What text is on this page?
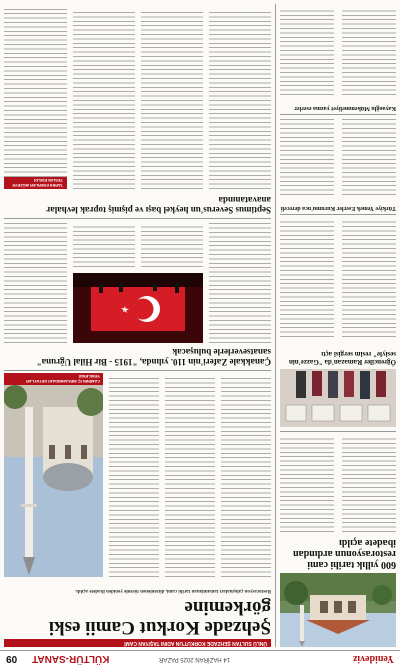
Yenideviz
14 HAZİRAN 2025 PAZAR
KÜLTÜR-SANAT
09
600 yıllık tarihi cami restorasyonun ardından ibadete açıldı
Öğrenciler Ramazan'da "Gazze'nin sesiyle" resim sergisi açtı
Türkiye Yemek Eserler Kurumu'nca dereceli
Kayaoğlu Mükemmeliyet yazma eserler
ÜNLÜ SULTAN ŞEHZADE KORKUT'UN ADINI TAŞIYAN CAMİ
Şehzade Korkut Camii eski görkemine

Restorasyon çalışmaları tamamlanan tarihi cami, düzenlenen törenle yeniden ibadete açıldı.

CAMİNİN İÇ MEKANINDAKİ DETAYLAR YENİLENDİ
Çanakkale Zaferi'nin 110. yılında, "1915 - Bir Hilal Uğruna" sanatseverlerle buluşacak
Septimus Severus'un heykel başı ve pişmiş toprak levhalar anavatanında
TARİHİ ESERLER MÜZEYE TESLİM EDİLDİ
